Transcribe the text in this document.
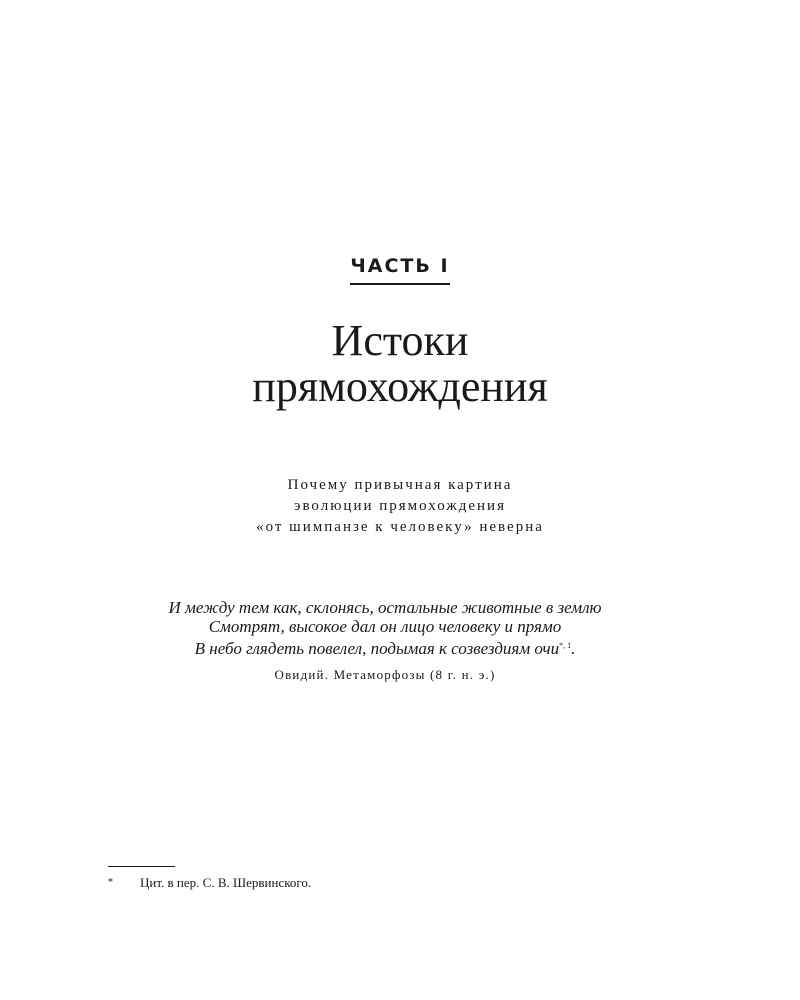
ЧАСТЬ I
Истоки
прямохождения
Почему привычная картина
эволюции прямохождения
«от шимпанзе к человеку» неверна
И между тем как, склонясь, остальные животные в землю
Смотрят, высокое дал он лицо человеку и прямо
В небо глядеть повелел, подымая к созвездиям очи$^{*, 1}$.
Овидий. Метаморфозы (8 г. н. э.)
* Цит. в пер. С. В. Шервинского.
